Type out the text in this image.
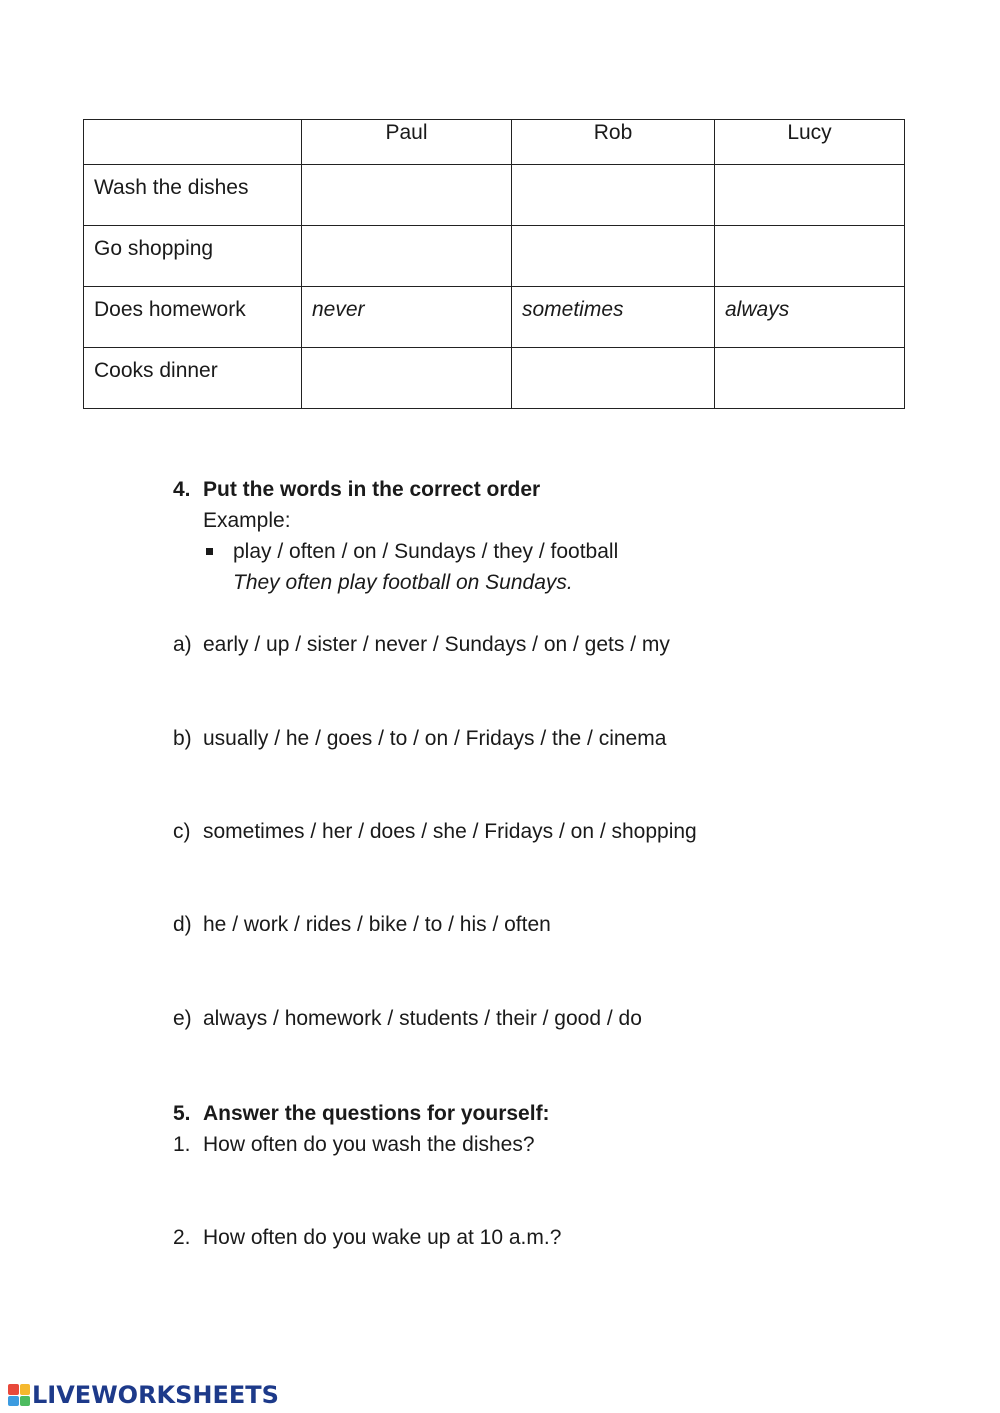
	Paul	Rob	Lucy

Wash the dishes			
Go shopping			
Does homework	never	sometimes	always
Cooks dinner			
4. Put the words in the correct order
Example:
play / often / on / Sundays / they / football
They often play football on Sundays.
a) early / up / sister / never / Sundays / on / gets / my
b) usually / he / goes / to / on / Fridays / the / cinema
c) sometimes / her / does / she / Fridays / on / shopping
d) he / work / rides / bike / to / his / often
e) always / homework / students / their / good / do
5. Answer the questions for yourself:
1. How often do you wash the dishes?
2. How often do you wake up at 10 a.m.?
LIVEWORKSHEETS
